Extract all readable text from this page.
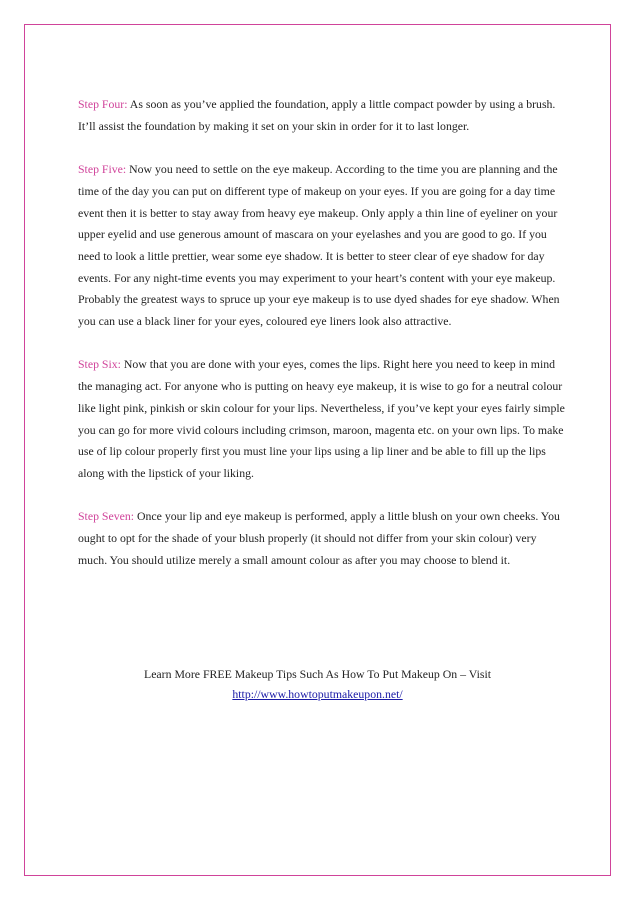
Step Four: As soon as you’ve applied the foundation, apply a little compact powder by using a brush. It’ll assist the foundation by making it set on your skin in order for it to last longer.

Step Five: Now you need to settle on the eye makeup. According to the time you are planning and the time of the day you can put on different type of makeup on your eyes. If you are going for a day time event then it is better to stay away from heavy eye makeup. Only apply a thin line of eyeliner on your upper eyelid and use generous amount of mascara on your eyelashes and you are good to go. If you need to look a little prettier, wear some eye shadow. It is better to steer clear of eye shadow for day events. For any night-time events you may experiment to your heart’s content with your eye makeup. Probably the greatest ways to spruce up your eye makeup is to use dyed shades for eye shadow. When you can use a black liner for your eyes, coloured eye liners look also attractive.

Step Six: Now that you are done with your eyes, comes the lips. Right here you need to keep in mind the managing act. For anyone who is putting on heavy eye makeup, it is wise to go for a neutral colour like light pink, pinkish or skin colour for your lips. Nevertheless, if you’ve kept your eyes fairly simple you can go for more vivid colours including crimson, maroon, magenta etc. on your own lips. To make use of lip colour properly first you must line your lips using a lip liner and be able to fill up the lips along with the lipstick of your liking.

Step Seven: Once your lip and eye makeup is performed, apply a little blush on your own cheeks. You ought to opt for the shade of your blush properly (it should not differ from your skin colour) very much. You should utilize merely a small amount colour as after you may choose to blend it.

Learn More FREE Makeup Tips Such As How To Put Makeup On – Visit
http://www.howtoputmakeupon.net/
